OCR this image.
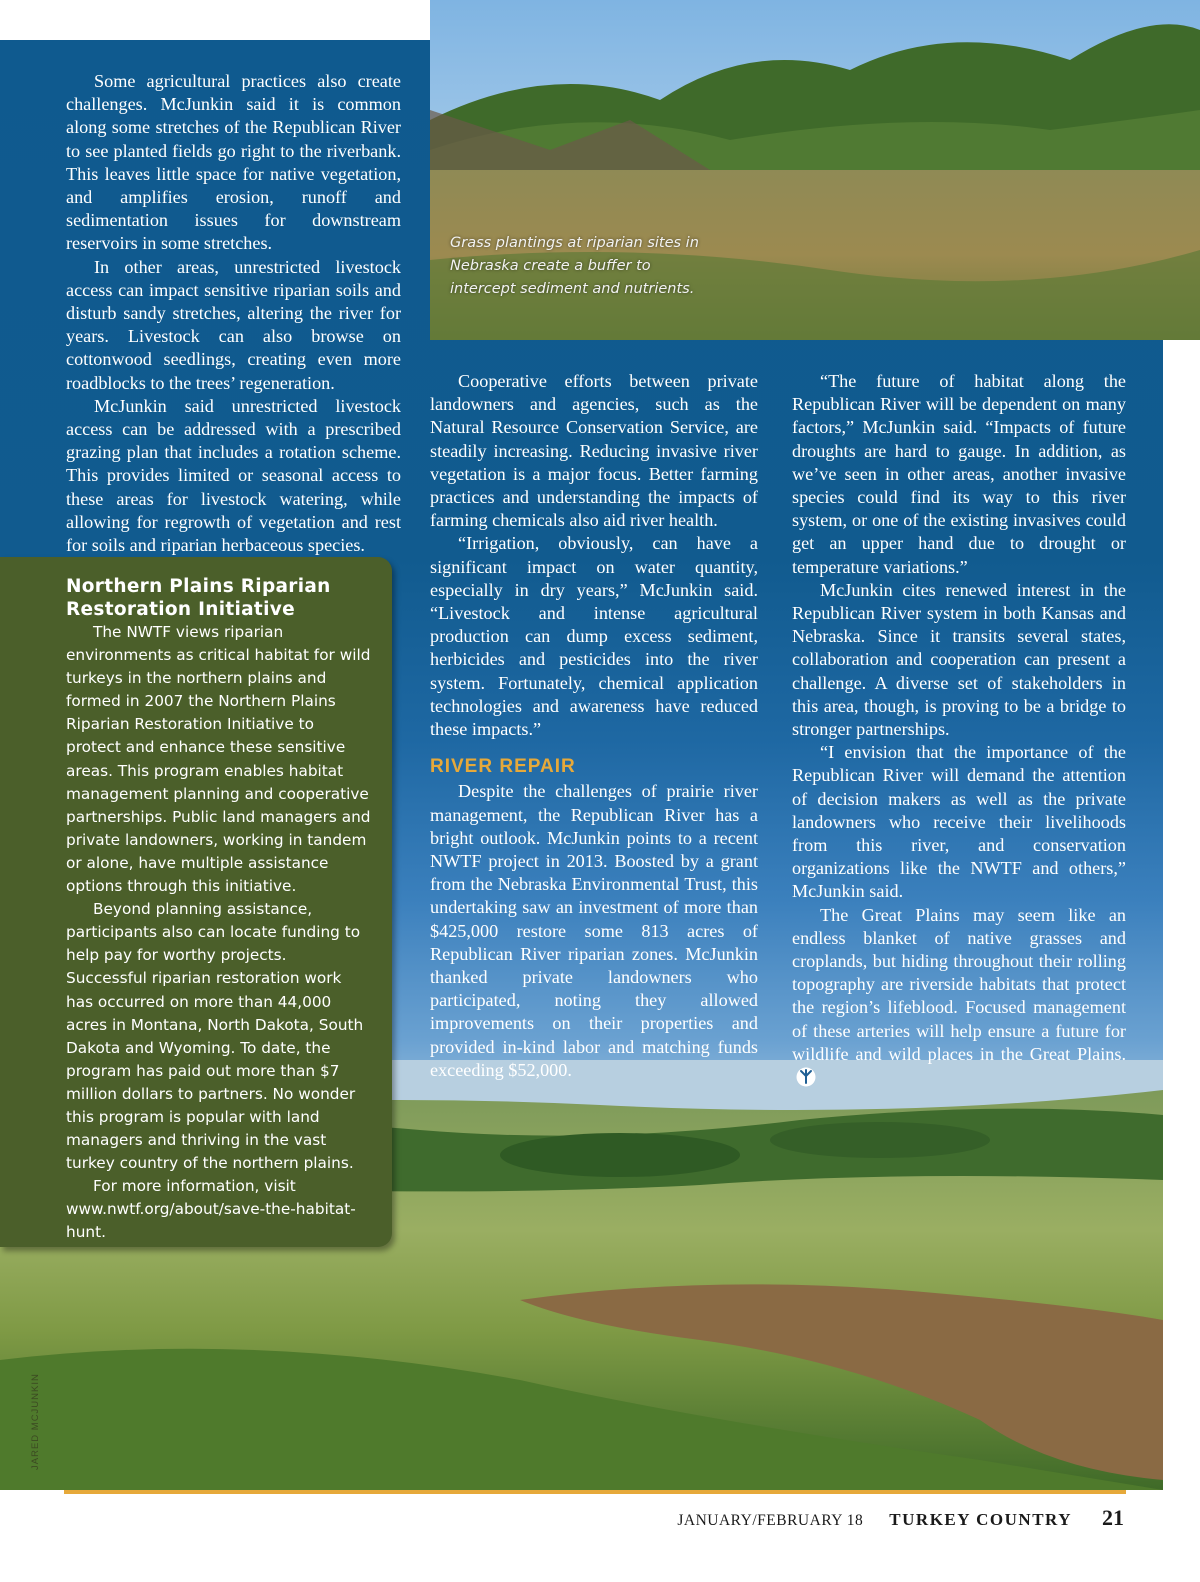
Grass plantings at riparian sites in Nebraska create a buffer to intercept sediment and nutrients.

Some agricultural practices also create challenges. McJunkin said it is common along some stretches of the Republican River to see planted fields go right to the riverbank. This leaves little space for native vegetation, and amplifies erosion, runoff and sedimentation issues for downstream reservoirs in some stretches.

In other areas, unrestricted livestock access can impact sensitive riparian soils and disturb sandy stretches, altering the river for years. Livestock can also browse on cottonwood seedlings, creating even more roadblocks to the trees’ regeneration.

McJunkin said unrestricted livestock access can be addressed with a prescribed grazing plan that includes a rotation scheme. This provides limited or seasonal access to these areas for livestock watering, while allowing for regrowth of vegetation and rest for soils and riparian herbaceous species.

Northern Plains Riparian Restoration Initiative

The NWTF views riparian environments as critical habitat for wild turkeys in the northern plains and formed in 2007 the Northern Plains Riparian Restoration Initiative to protect and enhance these sensitive areas. This program enables habitat management planning and cooperative partnerships. Public land managers and private landowners, working in tandem or alone, have multiple assistance options through this initiative.

Beyond planning assistance, participants also can locate funding to help pay for worthy projects. Successful riparian restoration work has occurred on more than 44,000 acres in Montana, North Dakota, South Dakota and Wyoming. To date, the program has paid out more than $7 million dollars to partners. No wonder this program is popular with land managers and thriving in the vast turkey country of the northern plains.

For more information, visit www.nwtf.org/about/save-the-habitat-hunt.

Cooperative efforts between private landowners and agencies, such as the Natural Resource Conservation Service, are steadily increasing. Reducing invasive river vegetation is a major focus. Better farming practices and understanding the impacts of farming chemicals also aid river health.

“Irrigation, obviously, can have a significant impact on water quantity, especially in dry years,” McJunkin said. “Livestock and intense agricultural production can dump excess sediment, herbicides and pesticides into the river system. Fortunately, chemical application technologies and awareness have reduced these impacts.”

RIVER REPAIR

Despite the challenges of prairie river management, the Republican River has a bright outlook. McJunkin points to a recent NWTF project in 2013. Boosted by a grant from the Nebraska Environmental Trust, this undertaking saw an investment of more than $425,000 restore some 813 acres of Republican River riparian zones. McJunkin thanked private landowners who participated, noting they allowed improvements on their properties and provided in-kind labor and matching funds exceeding $52,000.

“The future of habitat along the Republican River will be dependent on many factors,” McJunkin said. “Impacts of future droughts are hard to gauge. In addition, as we’ve seen in other areas, another invasive species could find its way to this river system, or one of the existing invasives could get an upper hand due to drought or temperature variations.”

McJunkin cites renewed interest in the Republican River system in both Kansas and Nebraska. Since it transits several states, collaboration and cooperation can present a challenge. A diverse set of stakeholders in this area, though, is proving to be a bridge to stronger partnerships.

“I envision that the importance of the Republican River will demand the attention of decision makers as well as the private landowners who receive their livelihoods from this river, and conservation organizations like the NWTF and others,” McJunkin said.

The Great Plains may seem like an endless blanket of native grasses and croplands, but hiding throughout their rolling topography are riverside habitats that protect the region’s lifeblood. Focused management of these arteries will help ensure a future for wildlife and wild places in the Great Plains.

JARED MCJUNKIN
JANUARY/FEBRUARY 18 TURKEY COUNTRY 21
